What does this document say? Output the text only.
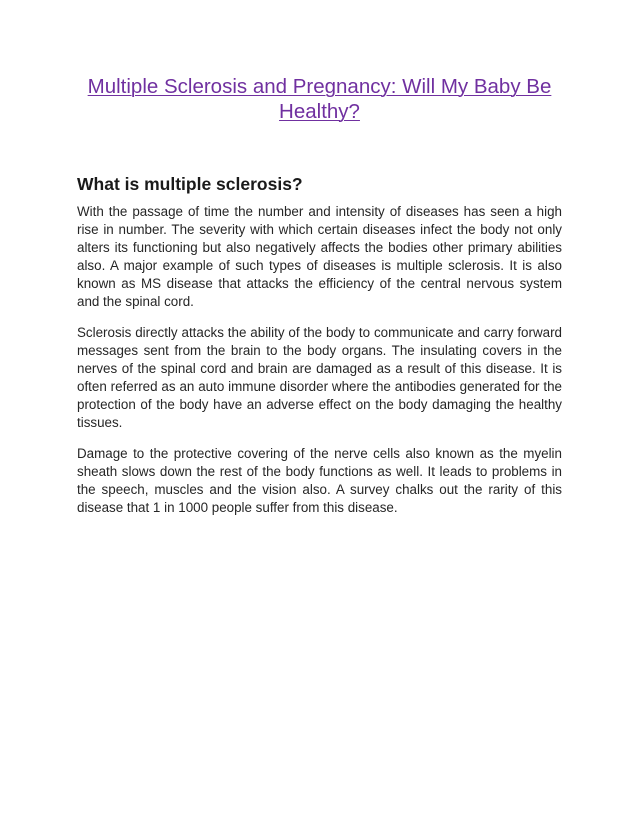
Multiple Sclerosis and Pregnancy: Will My Baby Be Healthy?
What is multiple sclerosis?

With the passage of time the number and intensity of diseases has seen a high rise in number. The severity with which certain diseases infect the body not only alters its functioning but also negatively affects the bodies other primary abilities also. A major example of such types of diseases is multiple sclerosis. It is also known as MS disease that attacks the efficiency of the central nervous system and the spinal cord.

Sclerosis directly attacks the ability of the body to communicate and carry forward messages sent from the brain to the body organs. The insulating covers in the nerves of the spinal cord and brain are damaged as a result of this disease. It is often referred as an auto immune disorder where the antibodies generated for the protection of the body have an adverse effect on the body damaging the healthy tissues.

Damage to the protective covering of the nerve cells also known as the myelin sheath slows down the rest of the body functions as well. It leads to problems in the speech, muscles and the vision also. A survey chalks out the rarity of this disease that 1 in 1000 people suffer from this disease.
